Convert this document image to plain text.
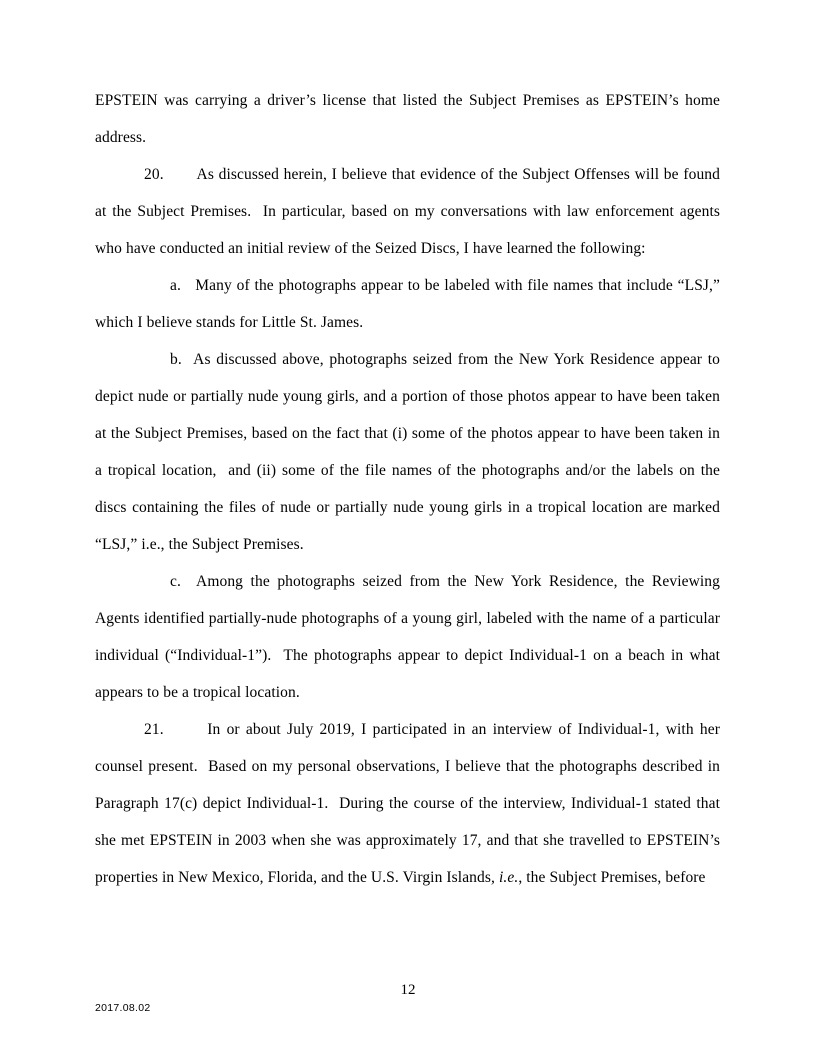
EPSTEIN was carrying a driver’s license that listed the Subject Premises as EPSTEIN’s home address.

20.       As discussed herein, I believe that evidence of the Subject Offenses will be found at the Subject Premises.  In particular, based on my conversations with law enforcement agents who have conducted an initial review of the Seized Discs, I have learned the following:

a.   Many of the photographs appear to be labeled with file names that include “LSJ,” which I believe stands for Little St. James.

b.  As discussed above, photographs seized from the New York Residence appear to depict nude or partially nude young girls, and a portion of those photos appear to have been taken at the Subject Premises, based on the fact that (i) some of the photos appear to have been taken in a tropical location,  and (ii) some of the file names of the photographs and/or the labels on the discs containing the files of nude or partially nude young girls in a tropical location are marked “LSJ,” i.e., the Subject Premises.

c.  Among the photographs seized from the New York Residence, the Reviewing Agents identified partially-nude photographs of a young girl, labeled with the name of a particular individual (“Individual-1”).  The photographs appear to depict Individual-1 on a beach in what appears to be a tropical location.

21.       In or about July 2019, I participated in an interview of Individual-1, with her counsel present.  Based on my personal observations, I believe that the photographs described in Paragraph 17(c) depict Individual-1.  During the course of the interview, Individual-1 stated that she met EPSTEIN in 2003 when she was approximately 17, and that she travelled to EPSTEIN’s properties in New Mexico, Florida, and the U.S. Virgin Islands, i.e., the Subject Premises, before

12
2017.08.02
